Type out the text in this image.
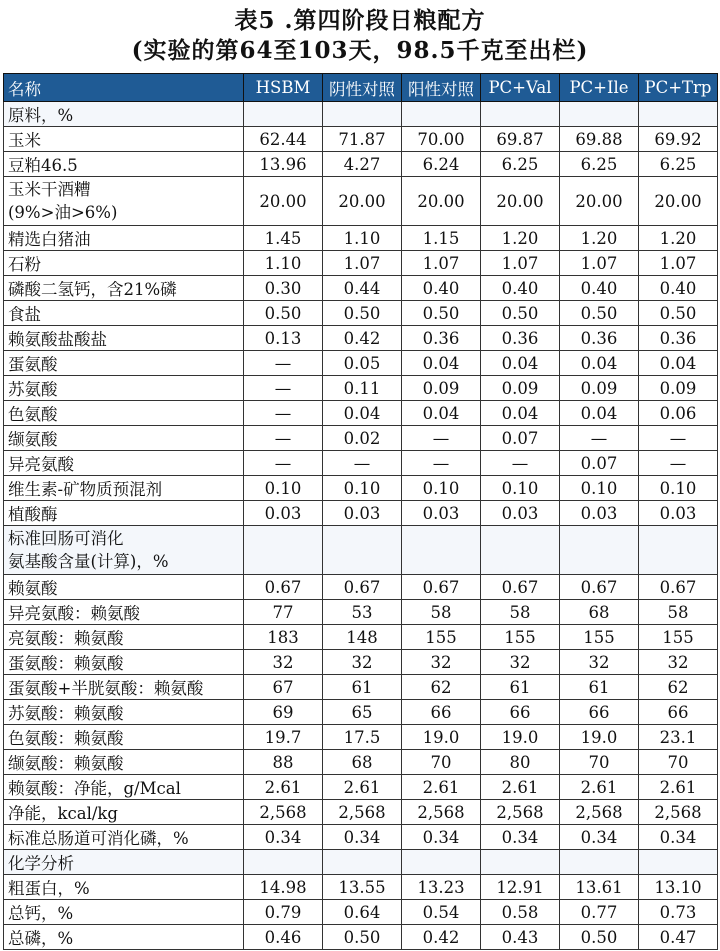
表5 .第四阶段日粮配方
(实验的第64至103天，98.5千克至出栏)
名称	HSBM	阴性对照	阳性对照	PC+Val	PC+Ile	PC+Trp
原料，%						
玉米	62.44	71.87	70.00	69.87	69.88	69.92
豆粕46.5	13.96	4.27	6.24	6.25	6.25	6.25
玉米干酒糟
(9%>油>6%)	20.00	20.00	20.00	20.00	20.00	20.00
精选白猪油	1.45	1.10	1.15	1.20	1.20	1.20
石粉	1.10	1.07	1.07	1.07	1.07	1.07
磷酸二氢钙，含21%磷	0.30	0.44	0.40	0.40	0.40	0.40
食盐	0.50	0.50	0.50	0.50	0.50	0.50
赖氨酸盐酸盐	0.13	0.42	0.36	0.36	0.36	0.36
蛋氨酸	—	0.05	0.04	0.04	0.04	0.04
苏氨酸	—	0.11	0.09	0.09	0.09	0.09
色氨酸	—	0.04	0.04	0.04	0.04	0.06
缬氨酸	—	0.02	—	0.07	—	—
异亮氨酸	—	—	—	—	0.07	—
维生素-矿物质预混剂	0.10	0.10	0.10	0.10	0.10	0.10
植酸酶	0.03	0.03	0.03	0.03	0.03	0.03
标准回肠可消化
氨基酸含量(计算)，%						
赖氨酸	0.67	0.67	0.67	0.67	0.67	0.67
异亮氨酸：赖氨酸	77	53	58	58	68	58
亮氨酸：赖氨酸	183	148	155	155	155	155
蛋氨酸：赖氨酸	32	32	32	32	32	32
蛋氨酸+半胱氨酸：赖氨酸	67	61	62	61	61	62
苏氨酸：赖氨酸	69	65	66	66	66	66
色氨酸：赖氨酸	19.7	17.5	19.0	19.0	19.0	23.1
缬氨酸：赖氨酸	88	68	70	80	70	70
赖氨酸：净能，g/Mcal	2.61	2.61	2.61	2.61	2.61	2.61
净能，kcal/kg	2,568	2,568	2,568	2,568	2,568	2,568
标准总肠道可消化磷，%	0.34	0.34	0.34	0.34	0.34	0.34
化学分析						
粗蛋白，%	14.98	13.55	13.23	12.91	13.61	13.10
总钙，%	0.79	0.64	0.54	0.58	0.77	0.73
总磷，%	0.46	0.50	0.42	0.43	0.50	0.47
